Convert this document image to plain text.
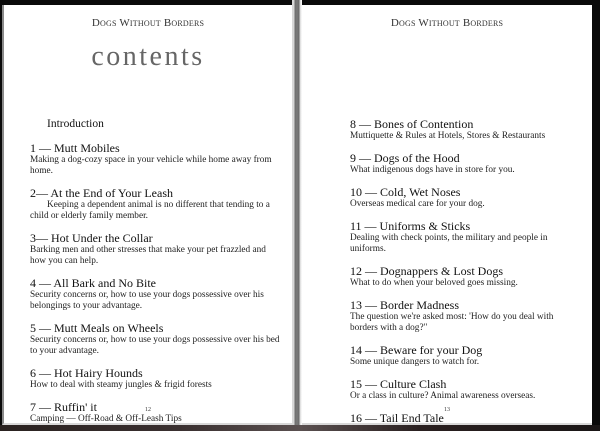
Dogs Without Borders
contents
Introduction
1 — Mutt Mobiles
Making a dog-cozy space in your vehicle while home away from home.
2— At the End of Your Leash
Keeping a dependent animal is no different that tending to a child or elderly family member.
3— Hot Under the Collar
Barking men and other stresses that make your pet frazzled and how you can help.
4 — All Bark and No Bite
Security concerns or, how to use your dogs possessive over his belongings to your advantage.
5 — Mutt Meals on Wheels
Security concerns or, how to use your dogs possessive over his bed to your advantage.
6 — Hot Hairy Hounds
How to deal with steamy jungles & frigid forests
7 — Ruffin' it
Camping — Off-Road & Off-Leash Tips
12
Dogs Without Borders
8 — Bones of Contention
Muttiquette & Rules at Hotels, Stores & Restaurants
9 — Dogs of the Hood
What indigenous dogs have in store for you.
10 — Cold, Wet Noses
Overseas medical care for your dog.
11 — Uniforms & Sticks
Dealing with check points, the military and people in uniforms.
12 — Dognappers & Lost Dogs
What to do when your beloved goes missing.
13 — Border Madness
The question we're asked most: 'How do you deal with borders with a dog?"
14 — Beware for your Dog
Some unique dangers to watch for.
15 — Culture Clash
Or a class in culture? Animal awareness overseas.
16 — Tail End Tale
13
